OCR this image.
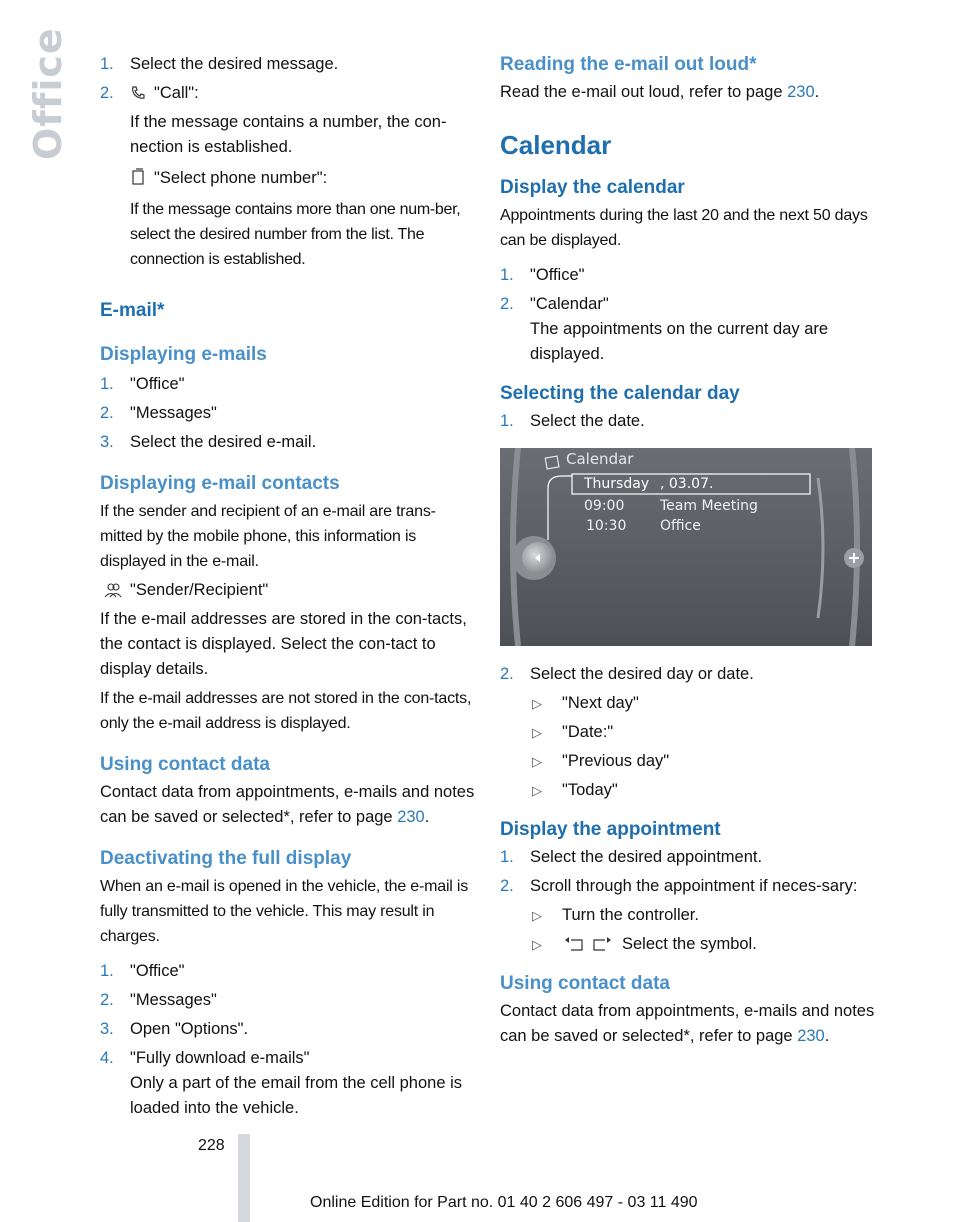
Office 1. Select the desired message.
2. "Call":
If the message contains a number, the con-nection is established.
"Select phone number":
If the message contains more than one num-ber, select the desired number from the list. The connection is established.
E-mail*
Displaying e-mails
1. "Office"
2. "Messages"
3. Select the desired e-mail.
Displaying e-mail contacts

If the sender and recipient of an e-mail are trans-mitted by the mobile phone, this information is displayed in the e-mail.

"Sender/Recipient"

If the e-mail addresses are stored in the con-tacts, the contact is displayed. Select the con-tact to display details.

If the e-mail addresses are not stored in the con-tacts, only the e-mail address is displayed.

Using contact data

Contact data from appointments, e-mails and notes can be saved or selected*, refer to page 230.

Deactivating the full display

When an e-mail is opened in the vehicle, the e-mail is fully transmitted to the vehicle. This may result in charges.

1. "Office"
2. "Messages"
3. Open "Options".
4. "Fully download e-mails"
Only a part of the email from the cell phone is loaded into the vehicle.
Reading the e-mail out loud*

Read the e-mail out loud, refer to page 230.

Calendar
Display the calendar

Appointments during the last 20 and the next 50 days can be displayed.

1. "Office"
2. "Calendar"
The appointments on the current day are displayed.
Selecting the calendar day
1. Select the date.
Calendar
Thursday , 03.07.
09:00	Team Meeting
10:30 Office
2. Select the desired day or date.
▷ "Next day"
▷ "Date:"
▷ "Previous day"
▷ "Today"
Display the appointment
1. Select the desired appointment.
2. Scroll through the appointment if neces-sary:
▷ Turn the controller.
▷	Select the symbol.
Using contact data

Contact data from appointments, e-mails and notes can be saved or selected*, refer to page 230.

228
Online Edition for Part no. 01 40 2 606 497 - 03 11 490
